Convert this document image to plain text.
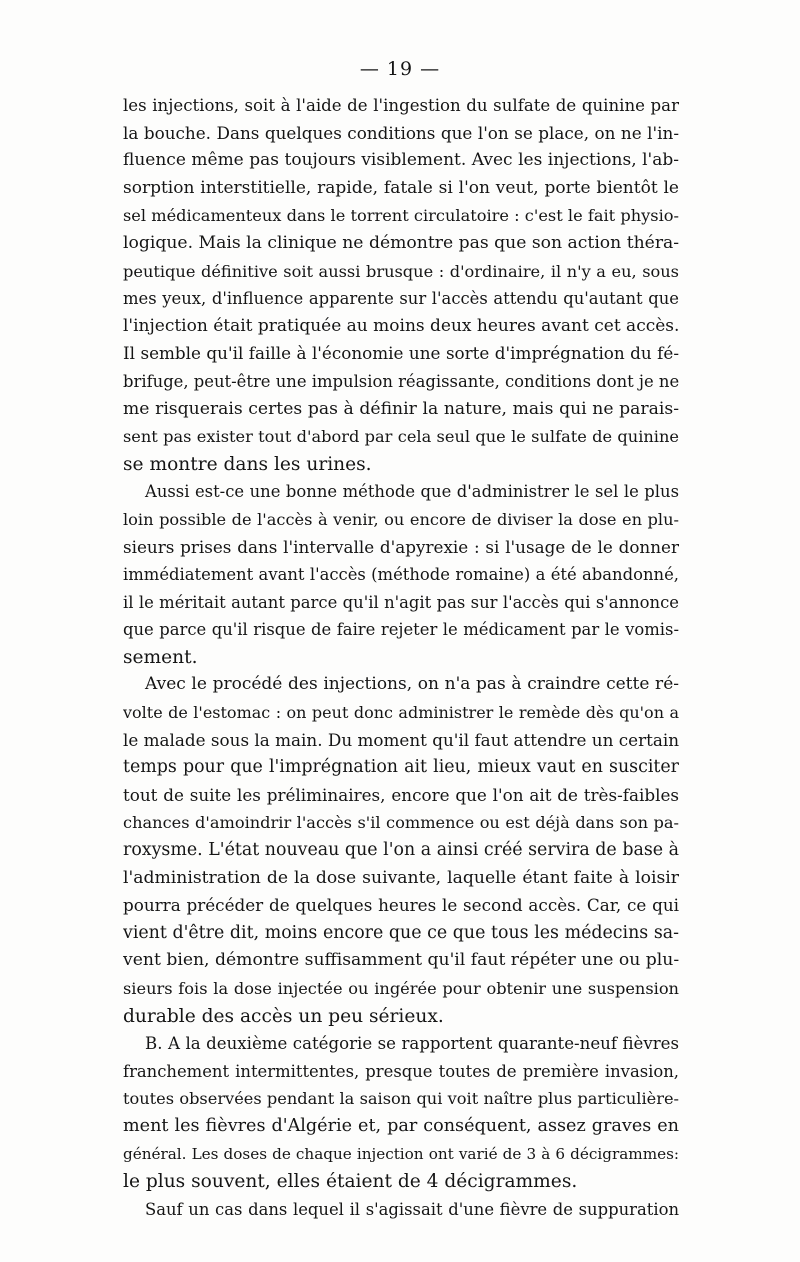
— 19 —
les injections, soit à l'aide de l'ingestion du sulfate de quinine par
la bouche. Dans quelques conditions que l'on se place, on ne l'in-
fluence même pas toujours visiblement. Avec les injections, l'ab-
sorption interstitielle, rapide, fatale si l'on veut, porte bientôt le
sel médicamenteux dans le torrent circulatoire : c'est le fait physio-
logique. Mais la clinique ne démontre pas que son action théra-
peutique définitive soit aussi brusque : d'ordinaire, il n'y a eu, sous
mes yeux, d'influence apparente sur l'accès attendu qu'autant que
l'injection était pratiquée au moins deux heures avant cet accès.
Il semble qu'il faille à l'économie une sorte d'imprégnation du fé-
brifuge, peut-être une impulsion réagissante, conditions dont je ne
me risquerais certes pas à définir la nature, mais qui ne parais-
sent pas exister tout d'abord par cela seul que le sulfate de quinine
se montre dans les urines.
Aussi est-ce une bonne méthode que d'administrer le sel le plus
loin possible de l'accès à venir, ou encore de diviser la dose en plu-
sieurs prises dans l'intervalle d'apyrexie : si l'usage de le donner
immédiatement avant l'accès (méthode romaine) a été abandonné,
il le méritait autant parce qu'il n'agit pas sur l'accès qui s'annonce
que parce qu'il risque de faire rejeter le médicament par le vomis-
sement.
Avec le procédé des injections, on n'a pas à craindre cette ré-
volte de l'estomac : on peut donc administrer le remède dès qu'on a
le malade sous la main. Du moment qu'il faut attendre un certain
temps pour que l'imprégnation ait lieu, mieux vaut en susciter
tout de suite les préliminaires, encore que l'on ait de très-faibles
chances d'amoindrir l'accès s'il commence ou est déjà dans son pa-
roxysme. L'état nouveau que l'on a ainsi créé servira de base à
l'administration de la dose suivante, laquelle étant faite à loisir
pourra précéder de quelques heures le second accès. Car, ce qui
vient d'être dit, moins encore que ce que tous les médecins sa-
vent bien, démontre suffisamment qu'il faut répéter une ou plu-
sieurs fois la dose injectée ou ingérée pour obtenir une suspension
durable des accès un peu sérieux.
B. A la deuxième catégorie se rapportent quarante-neuf fièvres
franchement intermittentes, presque toutes de première invasion,
toutes observées pendant la saison qui voit naître plus particulière-
ment les fièvres d'Algérie et, par conséquent, assez graves en
général. Les doses de chaque injection ont varié de 3 à 6 décigrammes:
le plus souvent, elles étaient de 4 décigrammes.
Sauf un cas dans lequel il s'agissait d'une fièvre de suppuration
